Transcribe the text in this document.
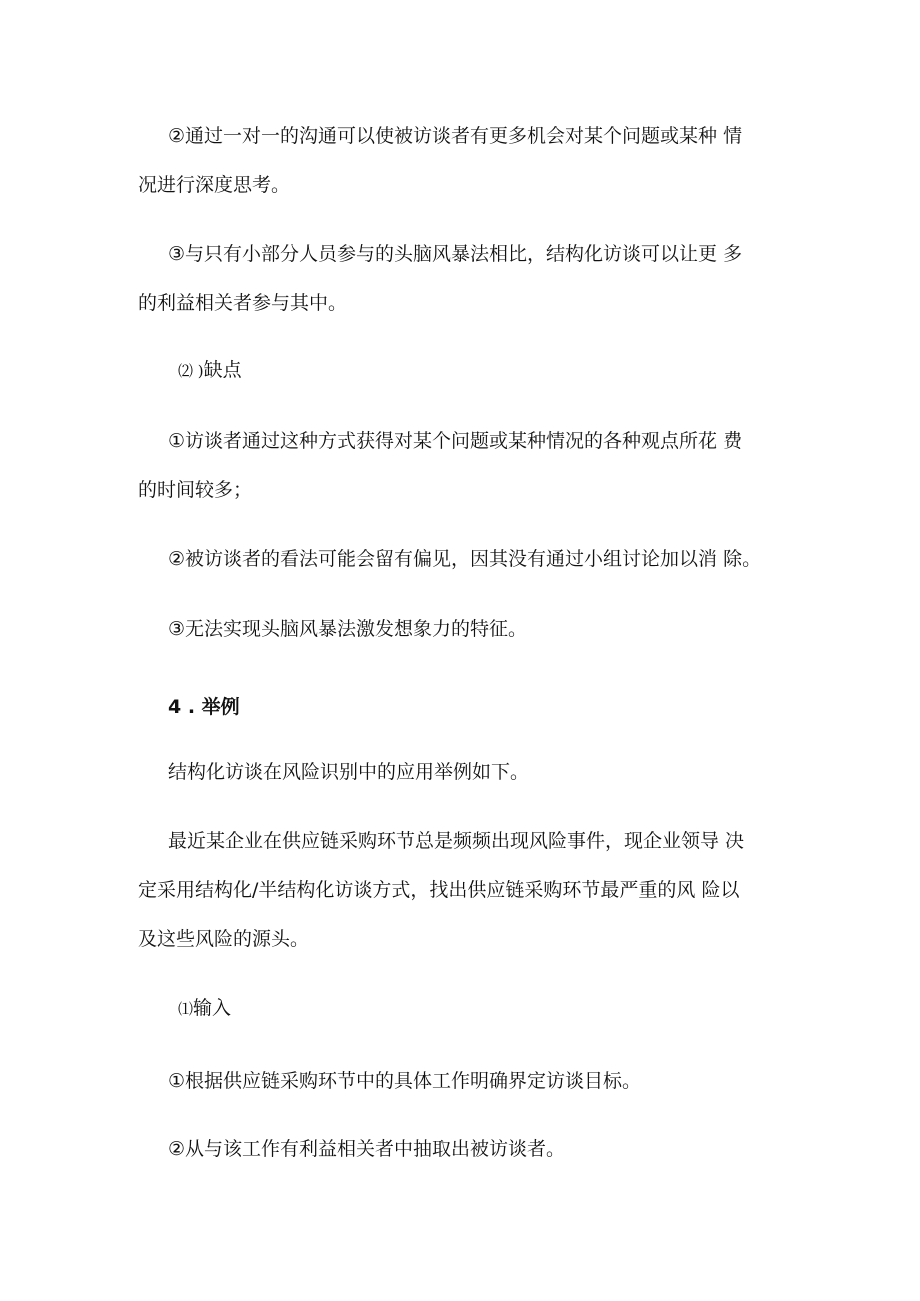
②通过一对一的沟通可以使被访谈者有更多机会对某个问题或某种 情
况进行深度思考。
③与只有小部分人员参与的头脑风暴法相比，结构化访谈可以让更 多
的利益相关者参与其中。
⑵ )缺点
①访谈者通过这种方式获得对某个问题或某种情况的各种观点所花 费
的时间较多；
②被访谈者的看法可能会留有偏见，因其没有通过小组讨论加以消 除。
③无法实现头脑风暴法激发想象力的特征。
4 . 举例
结构化访谈在风险识别中的应用举例如下。
最近某企业在供应链采购环节总是频频出现风险事件，现企业领导 决
定采用结构化/半结构化访谈方式，找出供应链采购环节最严重的风 险以
及这些风险的源头。
⑴输入
①根据供应链采购环节中的具体工作明确界定访谈目标。
②从与该工作有利益相关者中抽取出被访谈者。
